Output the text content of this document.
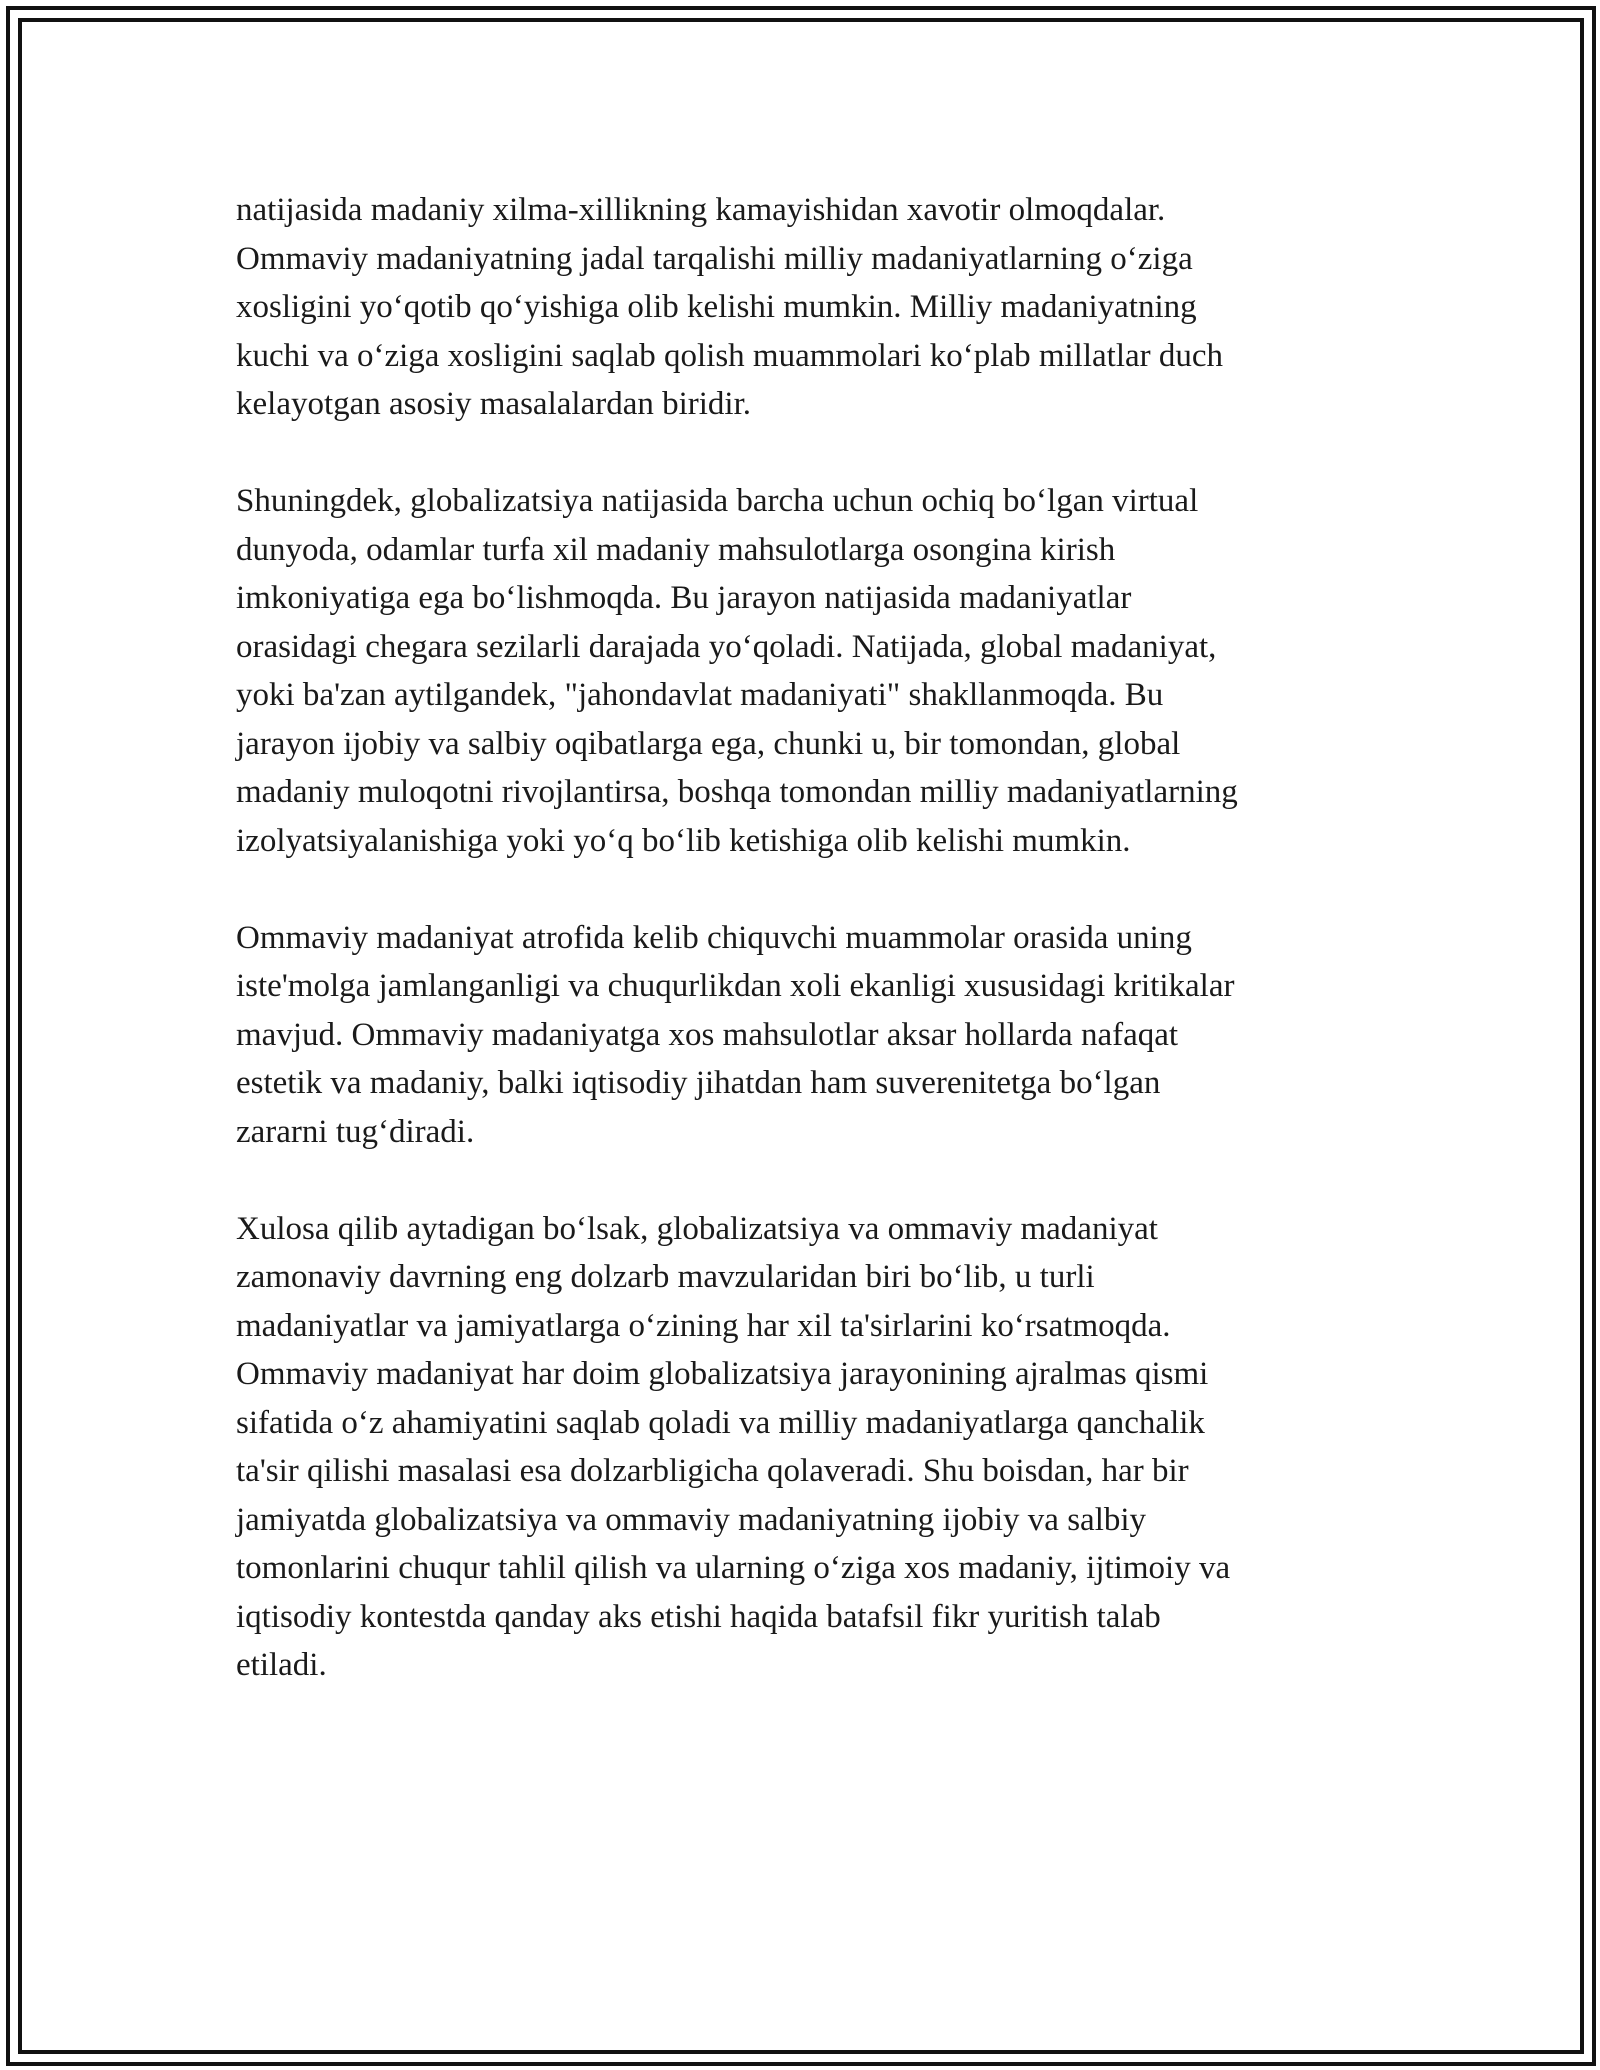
natijasida madaniy xilma-xillikning kamayishidan xavotir olmoqdalar.
Ommaviy madaniyatning jadal tarqalishi milliy madaniyatlarning oʻziga
xosligini yoʻqotib qoʻyishiga olib kelishi mumkin. Milliy madaniyatning
kuchi va oʻziga xosligini saqlab qolish muammolari koʻplab millatlar duch
kelayotgan asosiy masalalardan biridir.

Shuningdek, globalizatsiya natijasida barcha uchun ochiq boʻlgan virtual
dunyoda, odamlar turfa xil madaniy mahsulotlarga osongina kirish
imkoniyatiga ega boʻlishmoqda. Bu jarayon natijasida madaniyatlar
orasidagi chegara sezilarli darajada yoʻqoladi. Natijada, global madaniyat,
yoki ba'zan aytilgandek, "jahondavlat madaniyati" shakllanmoqda. Bu
jarayon ijobiy va salbiy oqibatlarga ega, chunki u, bir tomondan, global
madaniy muloqotni rivojlantirsa, boshqa tomondan milliy madaniyatlarning
izolyatsiyalanishiga yoki yoʻq boʻlib ketishiga olib kelishi mumkin.

Ommaviy madaniyat atrofida kelib chiquvchi muammolar orasida uning
iste'molga jamlanganligi va chuqurlikdan xoli ekanligi xususidagi kritikalar
mavjud. Ommaviy madaniyatga xos mahsulotlar aksar hollarda nafaqat
estetik va madaniy, balki iqtisodiy jihatdan ham suverenitetga boʻlgan
zararni tugʻdiradi.

Xulosa qilib aytadigan boʻlsak, globalizatsiya va ommaviy madaniyat
zamonaviy davrning eng dolzarb mavzularidan biri boʻlib, u turli
madaniyatlar va jamiyatlarga oʻzining har xil ta'sirlarini koʻrsatmoqda.
Ommaviy madaniyat har doim globalizatsiya jarayonining ajralmas qismi
sifatida oʻz ahamiyatini saqlab qoladi va milliy madaniyatlarga qanchalik
ta'sir qilishi masalasi esa dolzarbligicha qolaveradi. Shu boisdan, har bir
jamiyatda globalizatsiya va ommaviy madaniyatning ijobiy va salbiy
tomonlarini chuqur tahlil qilish va ularning oʻziga xos madaniy, ijtimoiy va
iqtisodiy kontestda qanday aks etishi haqida batafsil fikr yuritish talab
etiladi.
